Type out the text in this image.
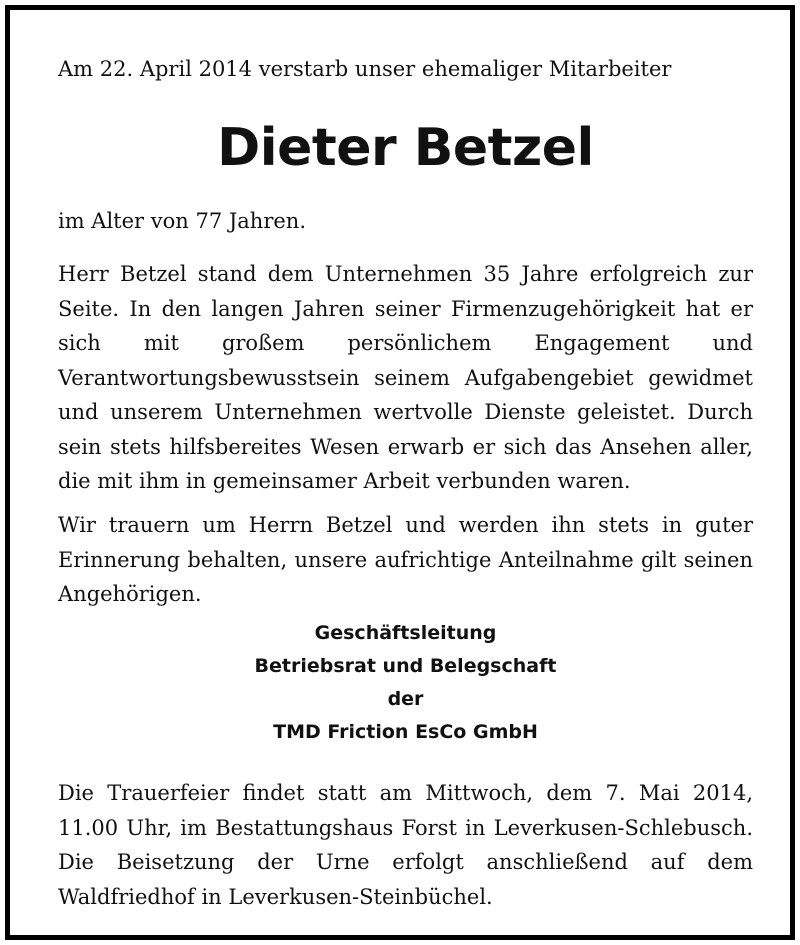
Am 22. April 2014 verstarb unser ehemaliger Mitarbeiter
Dieter Betzel
im Alter von 77 Jahren.
Herr Betzel stand dem Unternehmen 35 Jahre erfolgreich zur Seite. In den langen Jahren seiner Firmenzugehörigkeit hat er sich mit großem persönlichem Engagement und Verantwortungsbewusstsein seinem Aufgabengebiet gewidmet und unserem Unternehmen wertvolle Dienste geleistet. Durch sein stets hilfsbereites Wesen erwarb er sich das Ansehen aller, die mit ihm in gemeinsamer Arbeit verbunden waren.
Wir trauern um Herrn Betzel und werden ihn stets in guter Erinnerung behalten, unsere aufrichtige Anteilnahme gilt seinen Angehörigen.
Geschäftsleitung
Betriebsrat und Belegschaft
der
TMD Friction EsCo GmbH
Die Trauerfeier findet statt am Mittwoch, dem 7. Mai 2014, 11.00 Uhr, im Bestattungshaus Forst in Leverkusen-Schlebusch. Die Beisetzung der Urne erfolgt anschließend auf dem Waldfriedhof in Leverkusen-Steinbüchel.
